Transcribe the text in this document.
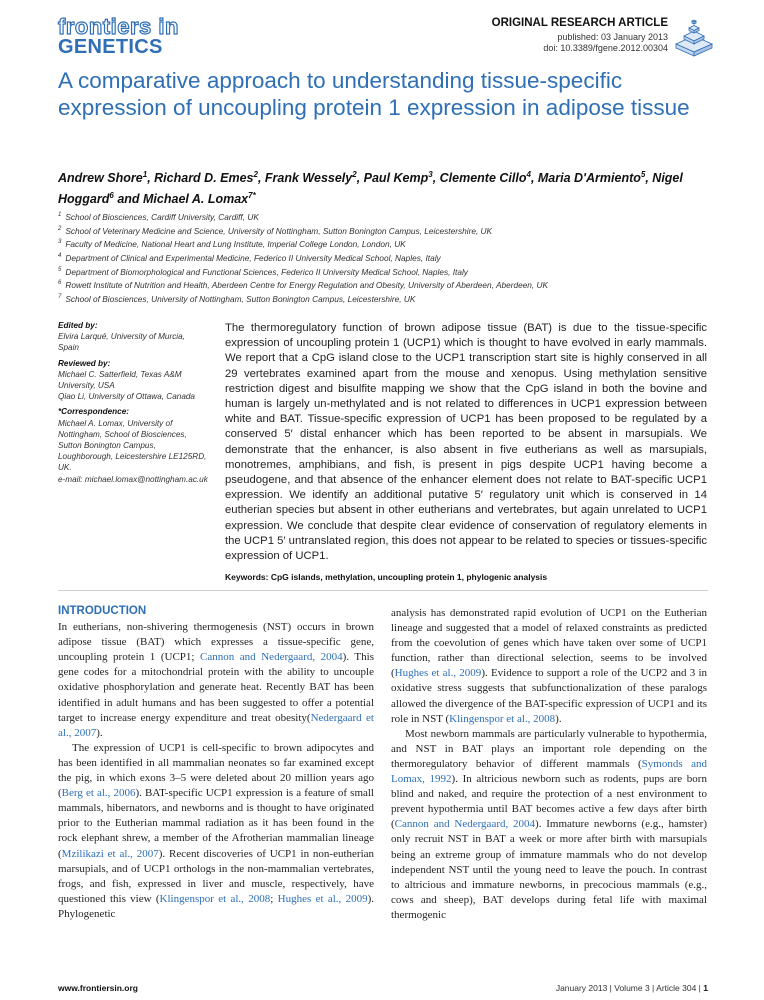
frontiers in
GENETICS
ORIGINAL RESEARCH ARTICLE
published: 03 January 2013
doi: 10.3389/fgene.2012.00304
A comparative approach to understanding tissue-specific expression of uncoupling protein 1 expression in adipose tissue
Andrew Shore$^1$, Richard D. Emes$^2$, Frank Wessely$^2$, Paul Kemp$^3$, Clemente Cillo$^4$, Maria D'Armiento$^5$, Nigel Hoggard$^6$ and Michael A. Lomax$^{7*}$
$^1$ School of Biosciences, Cardiff University, Cardiff, UK
$^2$ School of Veterinary Medicine and Science, University of Nottingham, Sutton Bonington Campus, Leicestershire, UK
$^3$ Faculty of Medicine, National Heart and Lung Institute, Imperial College London, London, UK
$^4$ Department of Clinical and Experimental Medicine, Federico II University Medical School, Naples, Italy
$^5$ Department of Biomorphological and Functional Sciences, Federico II University Medical School, Naples, Italy
$^6$ Rowett Institute of Nutrition and Health, Aberdeen Centre for Energy Regulation and Obesity, University of Aberdeen, Aberdeen, UK
$^7$ School of Biosciences, University of Nottingham, Sutton Bonington Campus, Leicestershire, UK
Edited by:
Elvira Larqué, University of Murcia, Spain
Reviewed by:
Michael C. Satterfield, Texas A&M University, USA
Qiao Li, University of Ottawa, Canada
*Correspondence:
Michael A. Lomax, University of Nottingham, School of Biosciences, Sutton Bonington Campus, Loughborough, Leicestershire LE125RD, UK.
e-mail: michael.lomax@nottingham.ac.uk
The thermoregulatory function of brown adipose tissue (BAT) is due to the tissue-specific expression of uncoupling protein 1 (UCP1) which is thought to have evolved in early mammals. We report that a CpG island close to the UCP1 transcription start site is highly conserved in all 29 vertebrates examined apart from the mouse and xenopus. Using methylation sensitive restriction digest and bisulfite mapping we show that the CpG island in both the bovine and human is largely un-methylated and is not related to differences in UCP1 expression between white and BAT. Tissue-specific expression of UCP1 has been proposed to be regulated by a conserved 5′ distal enhancer which has been reported to be absent in marsupials. We demonstrate that the enhancer, is also absent in five eutherians as well as marsupials, monotremes, amphibians, and fish, is present in pigs despite UCP1 having become a pseudogene, and that absence of the enhancer element does not relate to BAT-specific UCP1 expression. We identify an additional putative 5′ regulatory unit which is conserved in 14 eutherian species but absent in other eutherians and vertebrates, but again unrelated to UCP1 expression. We conclude that despite clear evidence of conservation of regulatory elements in the UCP1 5′ untranslated region, this does not appear to be related to species or tissues-specific expression of UCP1.
Keywords: CpG islands, methylation, uncoupling protein 1, phylogenic analysis
INTRODUCTION

In eutherians, non-shivering thermogenesis (NST) occurs in brown adipose tissue (BAT) which expresses a tissue-specific gene, uncoupling protein 1 (UCP1; Cannon and Nedergaard, 2004). This gene codes for a mitochondrial protein with the ability to uncouple oxidative phosphorylation and generate heat. Recently BAT has been identified in adult humans and has been suggested to offer a potential target to increase energy expenditure and treat obesity(Nedergaard et al., 2007).

The expression of UCP1 is cell-specific to brown adipocytes and has been identified in all mammalian neonates so far examined except the pig, in which exons 3–5 were deleted about 20 million years ago (Berg et al., 2006). BAT-specific UCP1 expression is a feature of small mammals, hibernators, and newborns and is thought to have originated prior to the Eutherian mammal radiation as it has been found in the rock elephant shrew, a member of the Afrotherian mammalian lineage (Mzilikazi et al., 2007). Recent discoveries of UCP1 in non-eutherian marsupials, and of UCP1 orthologs in the non-mammalian vertebrates, frogs, and fish, expressed in liver and muscle, respectively, have questioned this view (Klingenspor et al., 2008; Hughes et al., 2009). Phylogenetic

analysis has demonstrated rapid evolution of UCP1 on the Eutherian lineage and suggested that a model of relaxed constraints as predicted from the coevolution of genes which have taken over some of UCP1 function, rather than directional selection, seems to be involved (Hughes et al., 2009). Evidence to support a role of the UCP2 and 3 in oxidative stress suggests that subfunctionalization of these paralogs allowed the divergence of the BAT-specific expression of UCP1 and its role in NST (Klingenspor et al., 2008).

Most newborn mammals are particularly vulnerable to hypothermia, and NST in BAT plays an important role depending on the thermoregulatory behavior of different mammals (Symonds and Lomax, 1992). In altricious newborn such as rodents, pups are born blind and naked, and require the protection of a nest environment to prevent hypothermia until BAT becomes active a few days after birth (Cannon and Nedergaard, 2004). Immature newborns (e.g., hamster) only recruit NST in BAT a week or more after birth with marsupials being an extreme group of immature mammals who do not develop independent NST until the young need to leave the pouch. In contrast to altricious and immature newborns, in precocious mammals (e.g., cows and sheep), BAT develops during fetal life with maximal thermogenic

www.frontiersin.org	January 2013 | Volume 3 | Article 304 | 1
